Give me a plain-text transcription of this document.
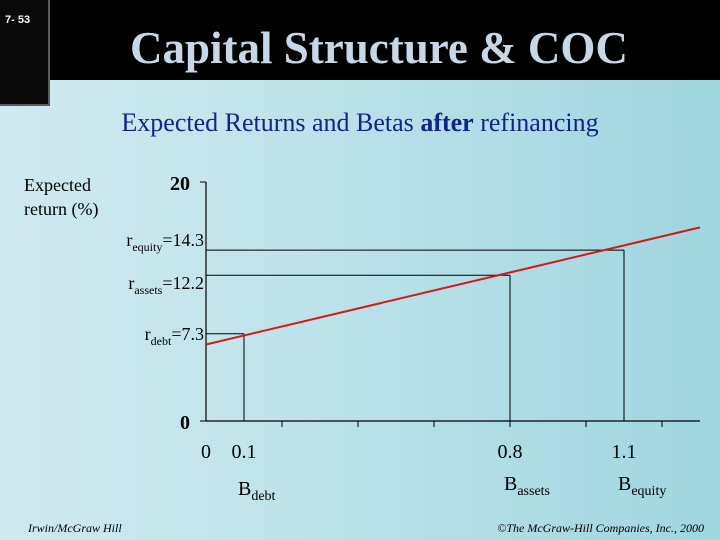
7- 53
Capital Structure & COC
Expected Returns and Betas after refinancing
Expected
return (%)
20
0
0 0.1	0.8	1.1
$r_{debt}=7.3$
$B_{debt}$
$r_{assets}=12.2$
$B_{assets}$
$r_{equity}=14.3$
$B_{equity}$
Irwin/McGraw Hill	©The McGraw-Hill Companies, Inc., 2000
